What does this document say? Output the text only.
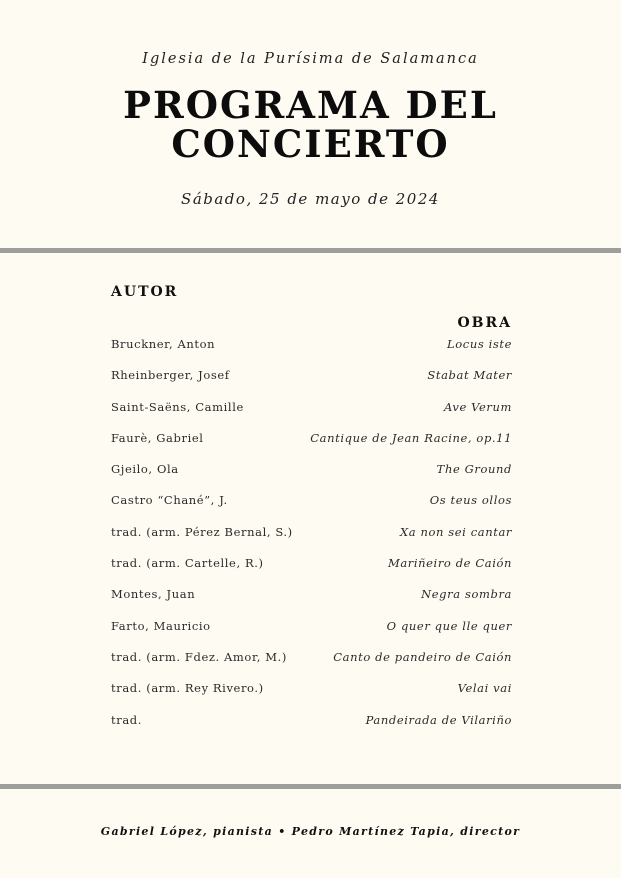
Iglesia de la Purísima de Salamanca
PROGRAMA DEL
CONCIERTO
Sábado, 25 de mayo de 2024
AUTOR
OBRA
Bruckner, Anton	Locus iste
Rheinberger, Josef	Stabat Mater
Saint-Saëns, Camille	Ave Verum
Faurè, Gabriel	Cantique de Jean Racine, op.11
Gjeilo, Ola	The Ground
Castro “Chané”, J.	Os teus ollos
trad. (arm. Pérez Bernal, S.)	Xa non sei cantar
trad. (arm. Cartelle, R.)	Mariñeiro de Caión
Montes, Juan	Negra sombra
Farto, Mauricio	O quer que lle quer
trad. (arm. Fdez. Amor, M.)	Canto de pandeiro de Caión
trad. (arm. Rey Rivero.)	Velai vai
trad.	Pandeirada de Vilariño
Gabriel López, pianista • Pedro Martínez Tapia, director
